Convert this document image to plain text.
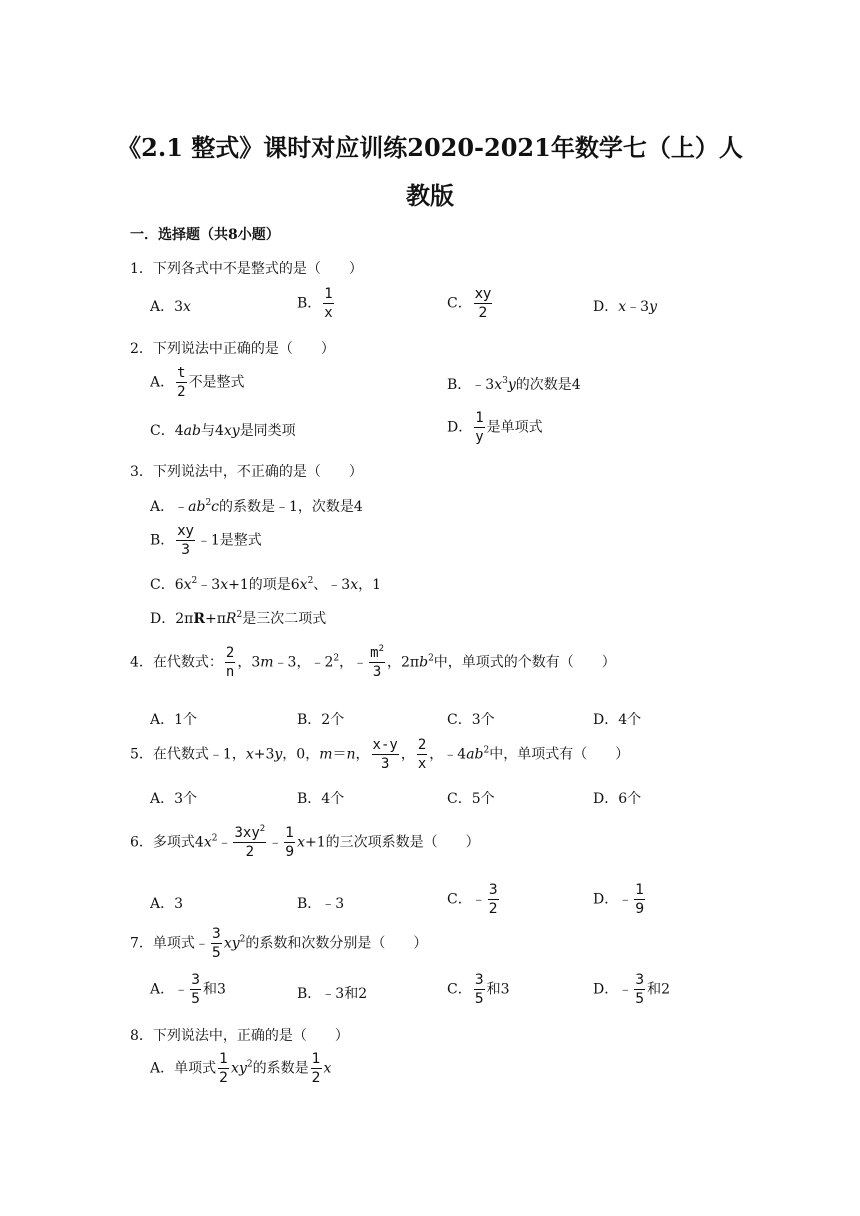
《2.1 整式》课时对应训练2020-2021年数学七（上）人
教版
一．选择题（共8小题）
1．下列各式中不是整式的是（　　）
A．3x	B． $\frac{1}{x}$	C． $\frac{xy}{2}$	D．x﹣3y
2．下列说法中正确的是（　　）
A． $\frac{t}{2}$ 不是整式	B．$﹣3x^3y$的次数是4
C．4ab与4xy是同类项	D． $\frac{1}{y}$ 是单项式
3．下列说法中，不正确的是（　　）
A．$﹣ab^2c$的系数是﹣1，次数是4
B． $\frac{xy}{3}$ ﹣1是整式
C．$6x^2﹣3x+1$的项是$6x^2$、﹣3x，1
D．$2\pi R+\pi R^2$是三次二项式
4．在代数式： $\frac{2}{n}$ ，3m﹣3，$﹣2^2$，﹣ $\frac{m^2}{3}$ ，$2\pi b^2$中，单项式的个数有（　　）
A．1个	B．2个	C．3个	D．4个
5．在代数式﹣1，x+3y，0，m＝n， $\frac{x-y}{3}$ ， $\frac{2}{x}$ ，$﹣4ab^2$中，单项式有（　　）
A．3个	B．4个	C．5个	D．6个
6．多项式$4x^2﹣ \frac{3xy^2}{2}$ ﹣ $\frac{1}{9} x+1$的三次项系数是（　　）
A．3	B．﹣3	C．﹣ $\frac{3}{2}$	D．﹣ $\frac{1}{9}$
7．单项式﹣ $\frac{3}{5} xy^2$的系数和次数分别是（　　）
A．﹣ $\frac{3}{5}$ 和3	B．﹣3和2	C． $\frac{3}{5}$ 和3	D．﹣ $\frac{3}{5}$ 和2
8．下列说法中，正确的是（　　）
A．单项式 $\frac{1}{2} xy^2$的系数是 $\frac{1}{2}$ x
